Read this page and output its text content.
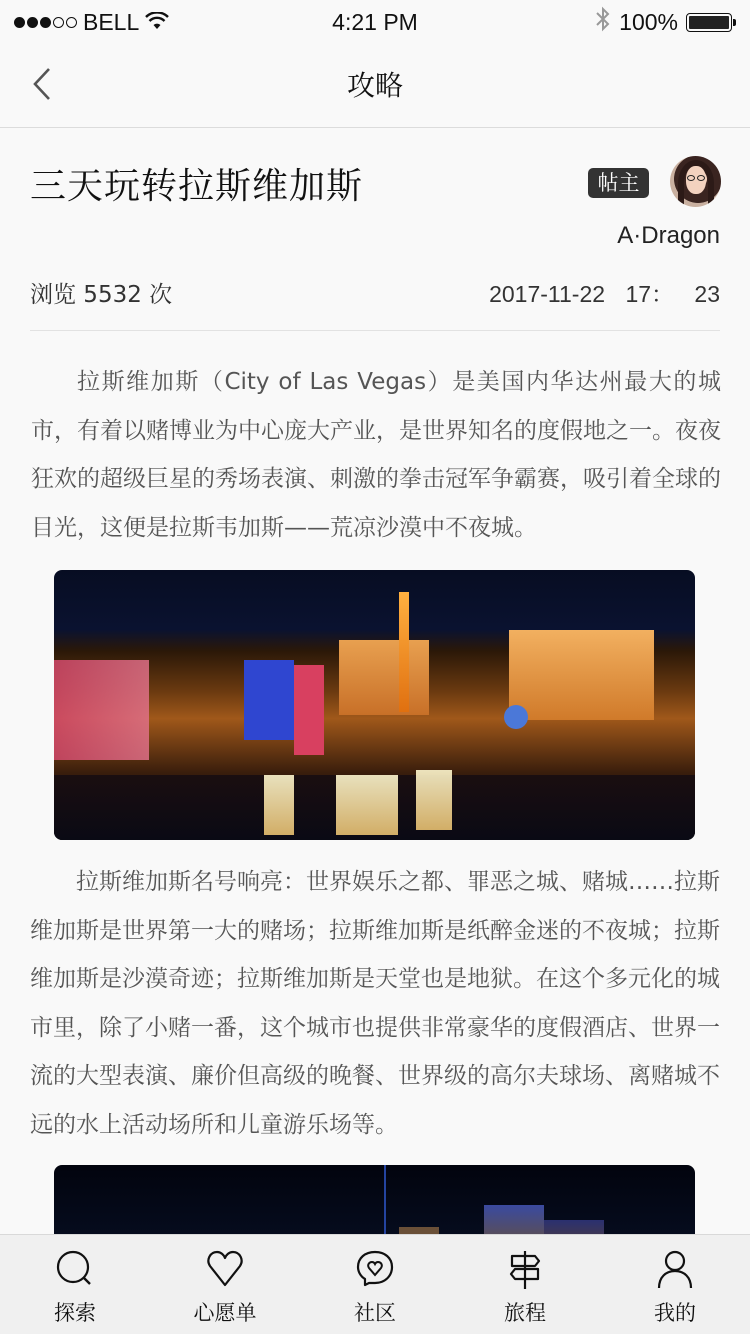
BELL	4:21 PM	100%
攻略
三天玩转拉斯维加斯	帖主
A·Dragon
浏览 5532 次	2017-11-22 17： 23

拉斯维加斯（City of Las Vegas）是美国内华达州最大的城市，有着以赌博业为中心庞大产业，是世界知名的度假地之一。夜夜狂欢的超级巨星的秀场表演、刺激的拳击冠军争霸赛，吸引着全球的目光，这便是拉斯韦加斯——荒凉沙漠中不夜城。

拉斯维加斯名号响亮：世界娱乐之都、罪恶之城、赌城……拉斯维加斯是世界第一大的赌场；拉斯维加斯是纸醉金迷的不夜城；拉斯维加斯是沙漠奇迹；拉斯维加斯是天堂也是地狱。在这个多元化的城市里，除了小赌一番，这个城市也提供非常豪华的度假酒店、世界一流的大型表演、廉价但高级的晚餐、世界级的高尔夫球场、离赌城不远的水上活动场所和儿童游乐场等。

探索	心愿单	社区	旅程	我的
